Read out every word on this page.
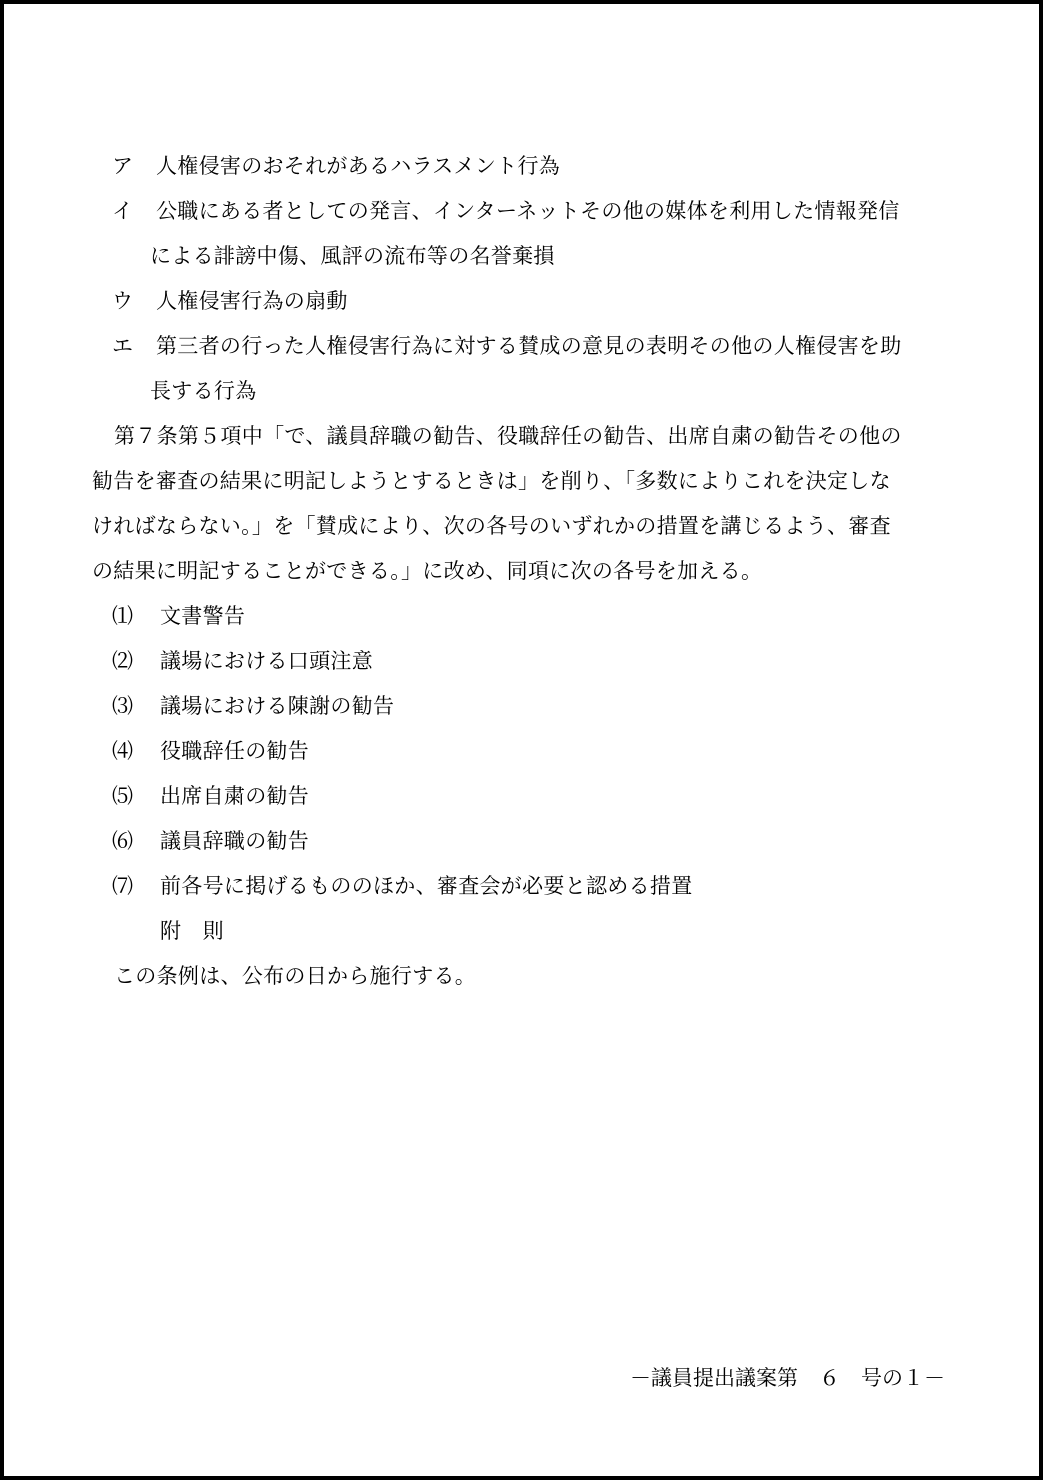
ア 人権侵害のおそれがあるハラスメント行為
イ 公職にある者としての発言、インターネットその他の媒体を利用した情報発信
による誹謗中傷、風評の流布等の名誉棄損
ウ 人権侵害行為の扇動
エ 第三者の行った人権侵害行為に対する賛成の意見の表明その他の人権侵害を助
長する行為
第７条第５項中「で、議員辞職の勧告、役職辞任の勧告、出席自粛の勧告その他の
勧告を審査の結果に明記しようとするときは」を削り、「多数によりこれを決定しな
ければならない。」を「賛成により、次の各号のいずれかの措置を講じるよう、審査
の結果に明記することができる。」に改め、同項に次の各号を加える。
⑴ 文書警告
⑵ 議場における口頭注意
⑶ 議場における陳謝の勧告
⑷ 役職辞任の勧告
⑸ 出席自粛の勧告
⑹ 議員辞職の勧告
⑺ 前各号に掲げるもののほか、審査会が必要と認める措置
附　則
この条例は、公布の日から施行する。
－議員提出議案第　６　号の１－
